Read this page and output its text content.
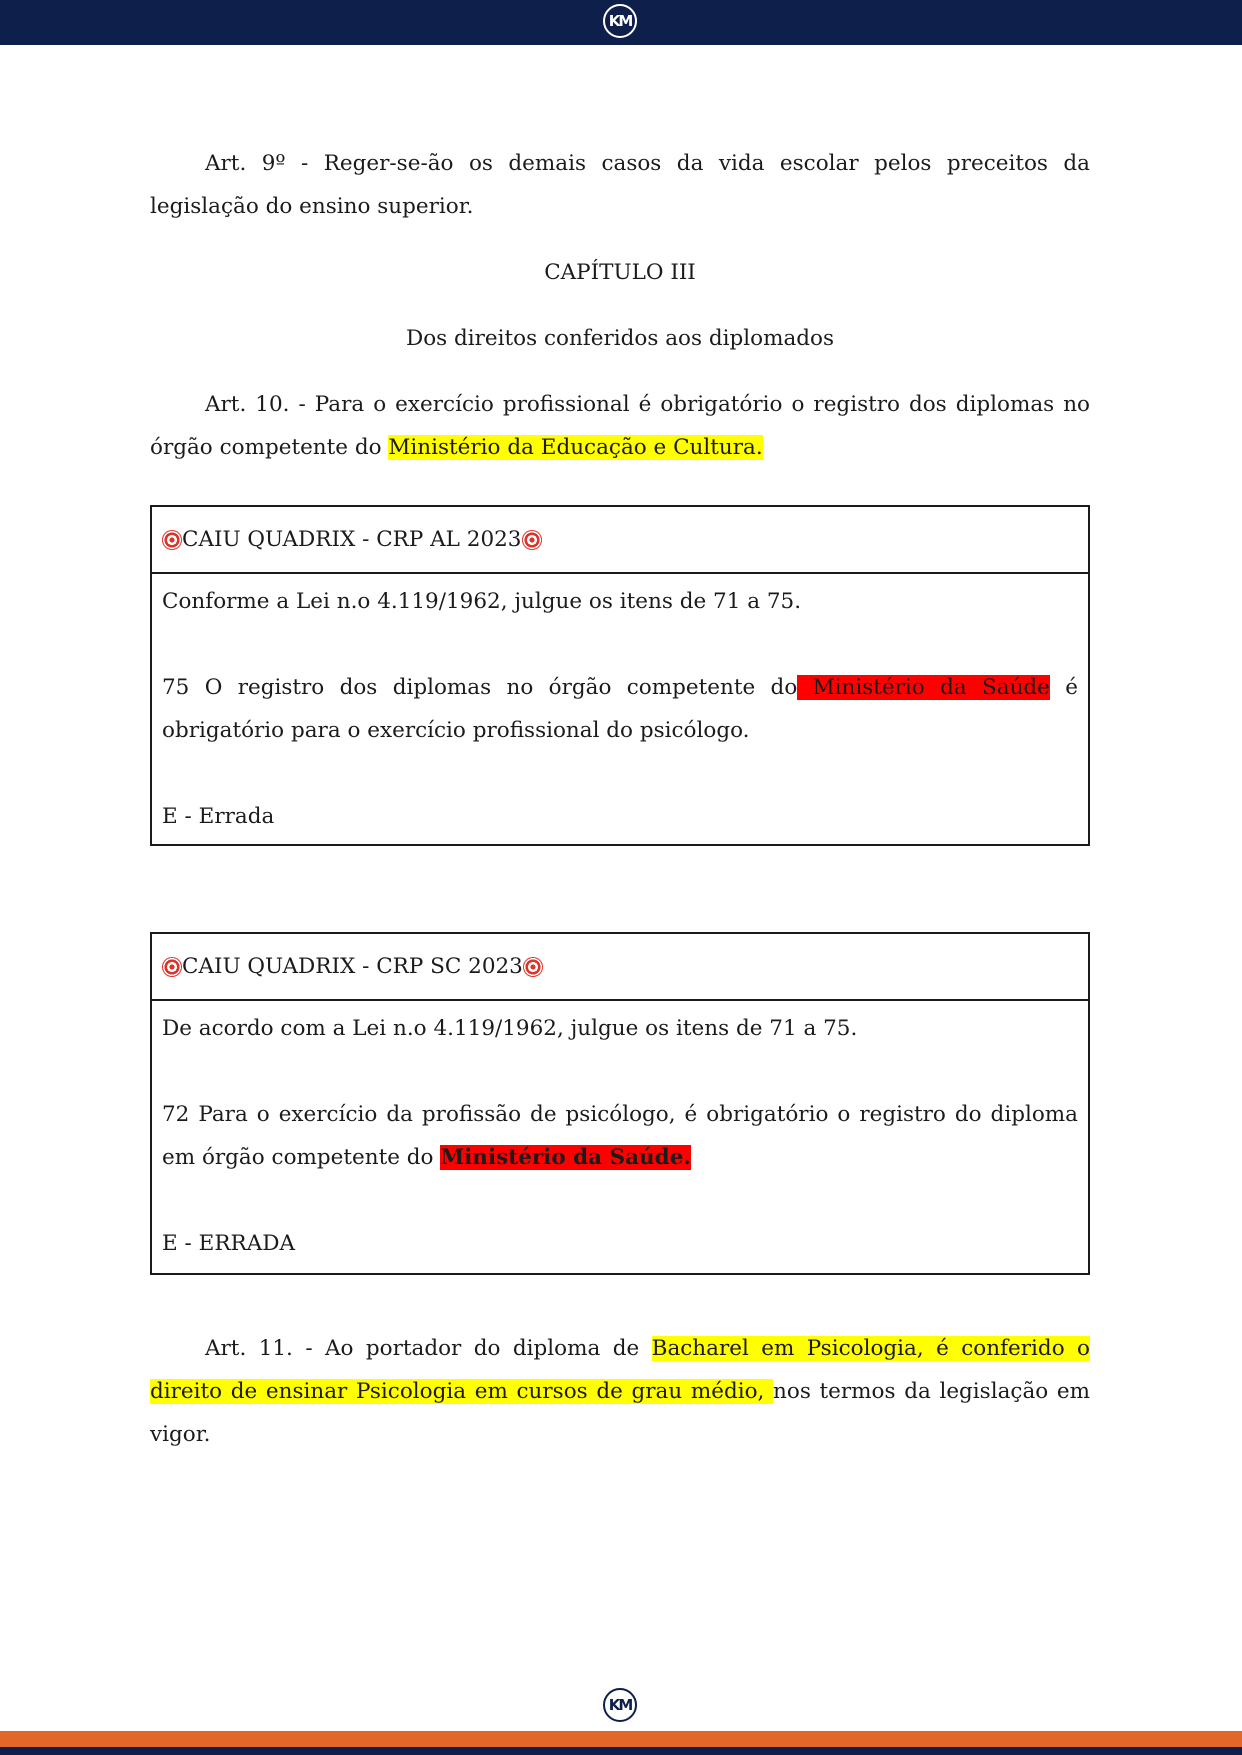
KM

Art. 9º - Reger-se-ão os demais casos da vida escolar pelos preceitos da legislação do ensino superior.

CAPÍTULO III

Dos direitos conferidos aos diplomados

Art. 10. - Para o exercício profissional é obrigatório o registro dos diplomas no órgão competente do Ministério da Educação e Cultura.

CAIU QUADRIX - CRP AL 2023

Conforme a Lei n.o 4.119/1962, julgue os itens de 71 a 75.

75 O registro dos diplomas no órgão competente do Ministério da Saúde é obrigatório para o exercício profissional do psicólogo.

E - Errada

CAIU QUADRIX - CRP SC 2023

De acordo com a Lei n.o 4.119/1962, julgue os itens de 71 a 75.

72 Para o exercício da profissão de psicólogo, é obrigatório o registro do diploma em órgão competente do Ministério da Saúde.

E - ERRADA

Art. 11. - Ao portador do diploma de Bacharel em Psicologia, é conferido o direito de ensinar Psicologia em cursos de grau médio, nos termos da legislação em vigor.

KM
